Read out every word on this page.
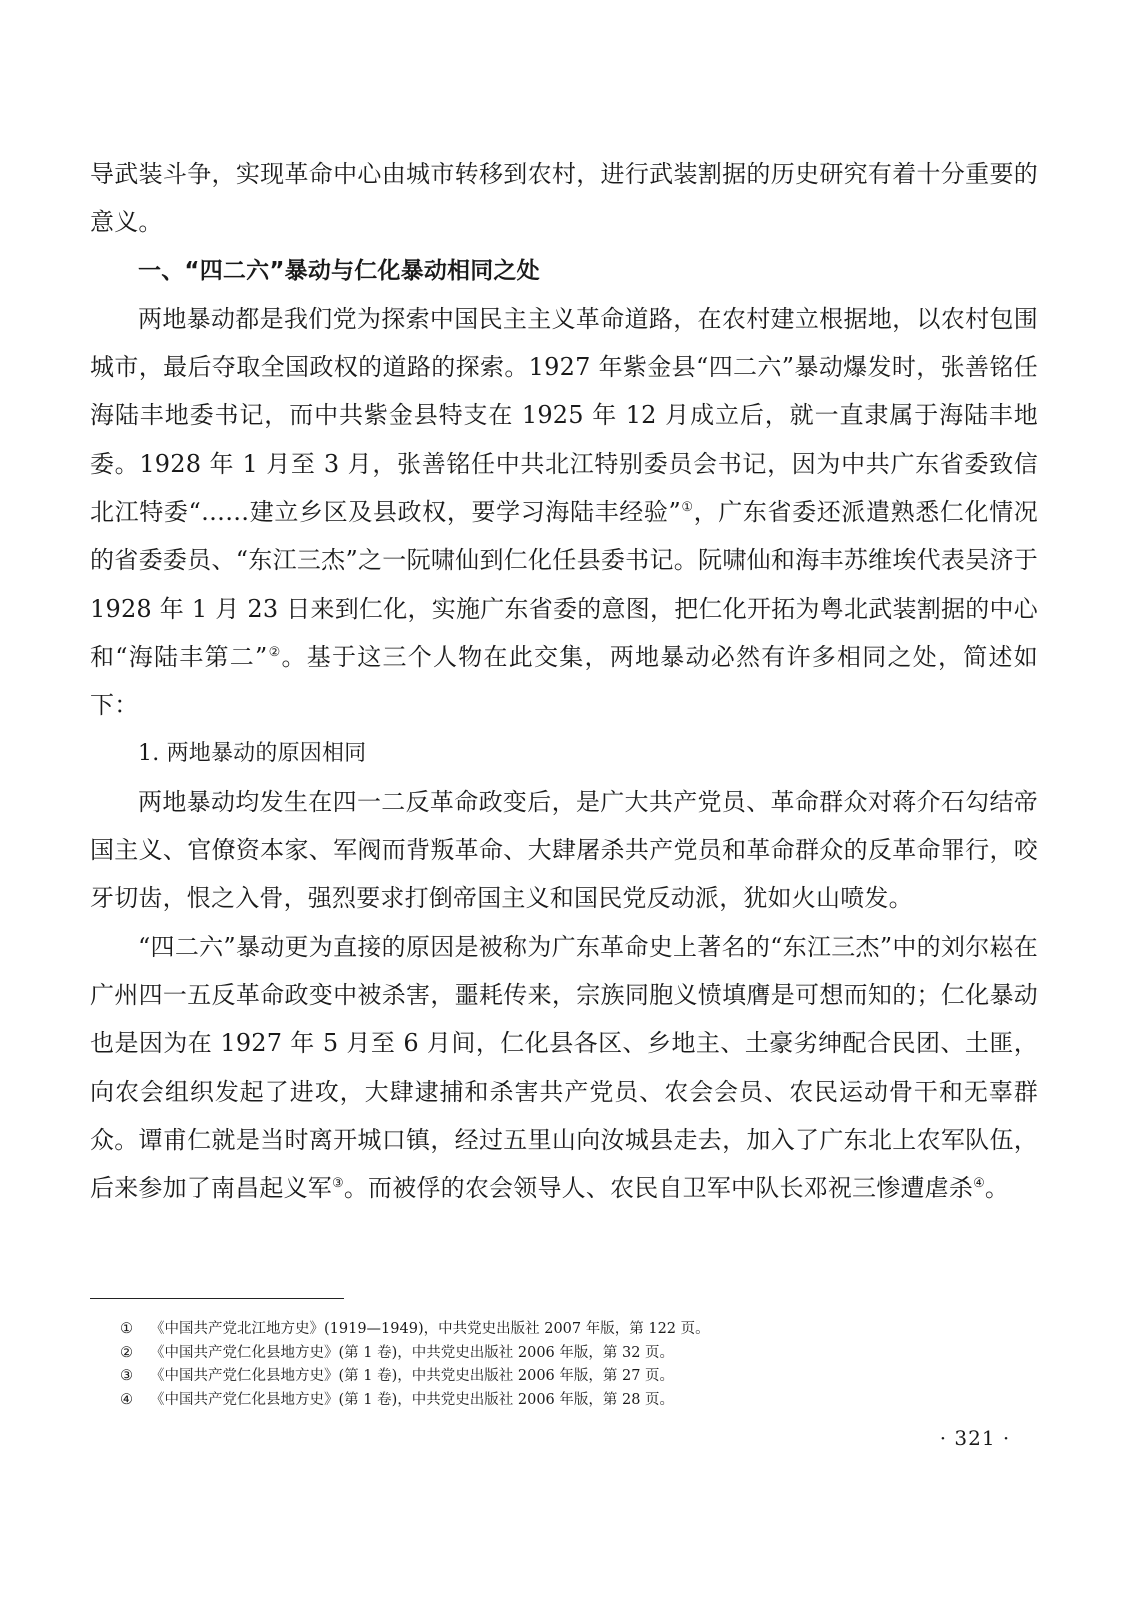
导武装斗争，实现革命中心由城市转移到农村，进行武装割据的历史研究有着十分重要的意义。

一、“四二六”暴动与仁化暴动相同之处

两地暴动都是我们党为探索中国民主主义革命道路，在农村建立根据地，以农村包围城市，最后夺取全国政权的道路的探索。1927 年紫金县“四二六”暴动爆发时，张善铭任海陆丰地委书记，而中共紫金县特支在 1925 年 12 月成立后，就一直隶属于海陆丰地委。1928 年 1 月至 3 月，张善铭任中共北江特别委员会书记，因为中共广东省委致信北江特委“……建立乡区及县政权，要学习海陆丰经验”①，广东省委还派遣熟悉仁化情况的省委委员、“东江三杰”之一阮啸仙到仁化任县委书记。阮啸仙和海丰苏维埃代表吴济于 1928 年 1 月 23 日来到仁化，实施广东省委的意图，把仁化开拓为粤北武装割据的中心和“海陆丰第二”②。基于这三个人物在此交集，两地暴动必然有许多相同之处，简述如下：

1. 两地暴动的原因相同

两地暴动均发生在四一二反革命政变后，是广大共产党员、革命群众对蒋介石勾结帝国主义、官僚资本家、军阀而背叛革命、大肆屠杀共产党员和革命群众的反革命罪行，咬牙切齿，恨之入骨，强烈要求打倒帝国主义和国民党反动派，犹如火山喷发。

“四二六”暴动更为直接的原因是被称为广东革命史上著名的“东江三杰”中的刘尔崧在广州四一五反革命政变中被杀害，噩耗传来，宗族同胞义愤填膺是可想而知的；仁化暴动也是因为在 1927 年 5 月至 6 月间，仁化县各区、乡地主、土豪劣绅配合民团、土匪，向农会组织发起了进攻，大肆逮捕和杀害共产党员、农会会员、农民运动骨干和无辜群众。谭甫仁就是当时离开城口镇，经过五里山向汝城县走去，加入了广东北上农军队伍，后来参加了南昌起义军③。而被俘的农会领导人、农民自卫军中队长邓祝三惨遭虐杀④。

①	《中国共产党北江地方史》(1919—1949)，中共党史出版社 2007 年版，第 122 页。
②	《中国共产党仁化县地方史》(第 1 卷)，中共党史出版社 2006 年版，第 32 页。
③	《中国共产党仁化县地方史》(第 1 卷)，中共党史出版社 2006 年版，第 27 页。
④	《中国共产党仁化县地方史》(第 1 卷)，中共党史出版社 2006 年版，第 28 页。
· 321 ·
